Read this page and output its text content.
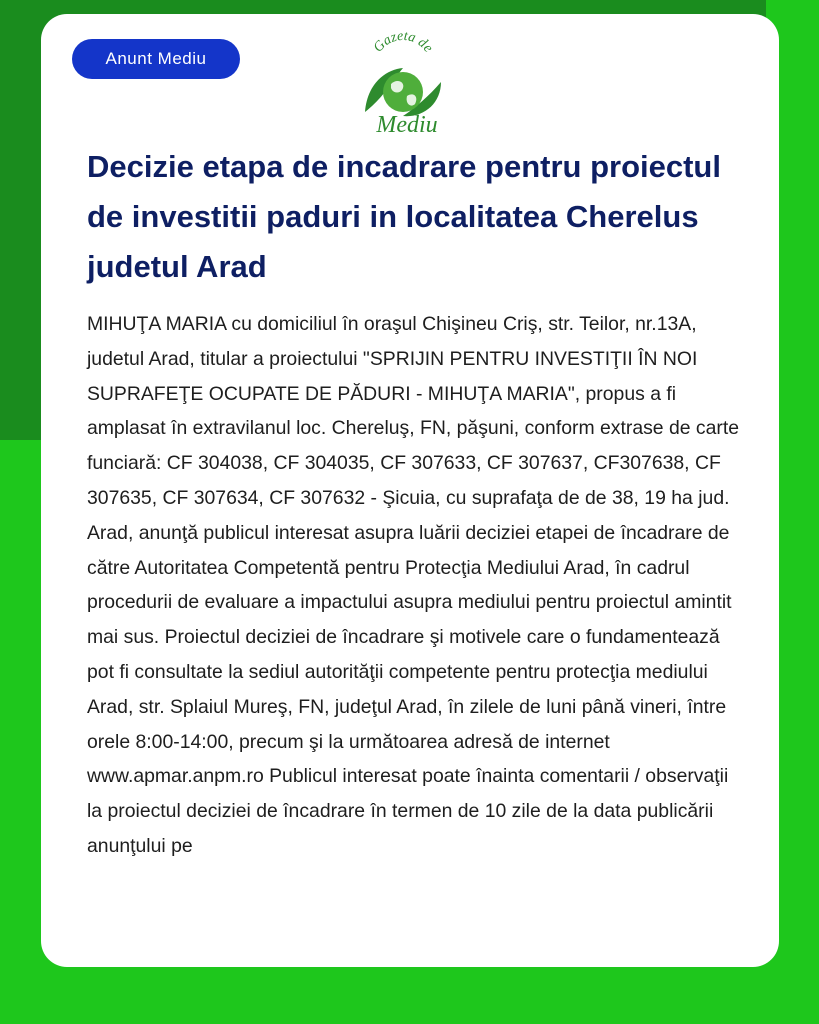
Anunt Mediu
Gazeta de
Mediu
Decizie etapa de incadrare pentru proiectul de investitii paduri in localitatea Cherelus judetul Arad

MIHUŢA MARIA cu domiciliul în oraşul Chişineu Criş, str. Teilor, nr.13A, judetul Arad, titular a proiectului "SPRIJIN PENTRU INVESTIŢII ÎN NOI SUPRAFEŢE OCUPATE DE PĂDURI - MIHUŢA MARIA", propus a fi amplasat în extravilanul loc. Chereluş, FN, păşuni, conform extrase de carte funciară: CF 304038, CF 304035, CF 307633, CF 307637, CF307638, CF 307635, CF 307634, CF 307632 - Şicuia, cu suprafaţa de de 38, 19 ha jud. Arad, anunţă publicul interesat asupra luării deciziei etapei de încadrare de către Autoritatea Competentă pentru Protecţia Mediului Arad, în cadrul procedurii de evaluare a impactului asupra mediului pentru proiectul amintit mai sus. Proiectul deciziei de încadrare şi motivele care o fundamentează pot fi consultate la sediul autorităţii competente pentru protecţia mediului Arad, str. Splaiul Mureş, FN, judeţul Arad, în zilele de luni până vineri, între orele 8:00-14:00, precum şi la următoarea adresă de internet www.apmar.anpm.ro Publicul interesat poate înainta comentarii / observaţii la proiectul deciziei de încadrare în termen de 10 zile de la data publicării anunţului pe
